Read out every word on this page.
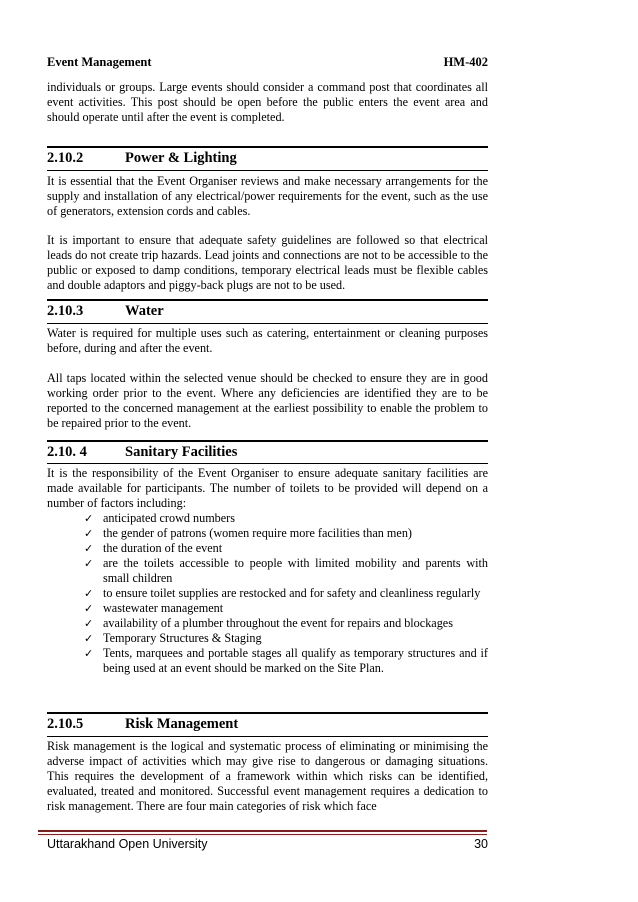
Event Management	HM-402
individuals or groups. Large events should consider a command post that coordinates all event activities. This post should be open before the public enters the event area and should operate until after the event is completed.
2.10.2	Power & Lighting
It is essential that the Event Organiser reviews and make necessary arrangements for the supply and installation of any electrical/power requirements for the event, such as the use of generators, extension cords and cables.
It is important to ensure that adequate safety guidelines are followed so that electrical leads do not create trip hazards. Lead joints and connections are not to be accessible to the public or exposed to damp conditions, temporary electrical leads must be flexible cables and double adaptors and piggy-back plugs are not to be used.
2.10.3	Water
Water is required for multiple uses such as catering, entertainment or cleaning purposes before, during and after the event.
All taps located within the selected venue should be checked to ensure they are in good working order prior to the event. Where any deficiencies are identified they are to be reported to the concerned management at the earliest possibility to enable the problem to be repaired prior to the event.
2.10. 4	Sanitary Facilities
It is the responsibility of the Event Organiser to ensure adequate sanitary facilities are made available for participants. The number of toilets to be provided will depend on a number of factors including:
✓ anticipated crowd numbers
✓ the gender of patrons (women require more facilities than men)
✓ the duration of the event
✓ are the toilets accessible to people with limited mobility and parents with small children
✓ to ensure toilet supplies are restocked and for safety and cleanliness regularly
✓ wastewater management
✓ availability of a plumber throughout the event for repairs and blockages
✓ Temporary Structures & Staging
✓ Tents, marquees and portable stages all qualify as temporary structures and if being used at an event should be marked on the Site Plan.
2.10.5	Risk Management
Risk management is the logical and systematic process of eliminating or minimising the adverse impact of activities which may give rise to dangerous or damaging situations. This requires the development of a framework within which risks can be identified, evaluated, treated and monitored. Successful event management requires a dedication to risk management. There are four main categories of risk which face
Uttarakhand Open University	30
